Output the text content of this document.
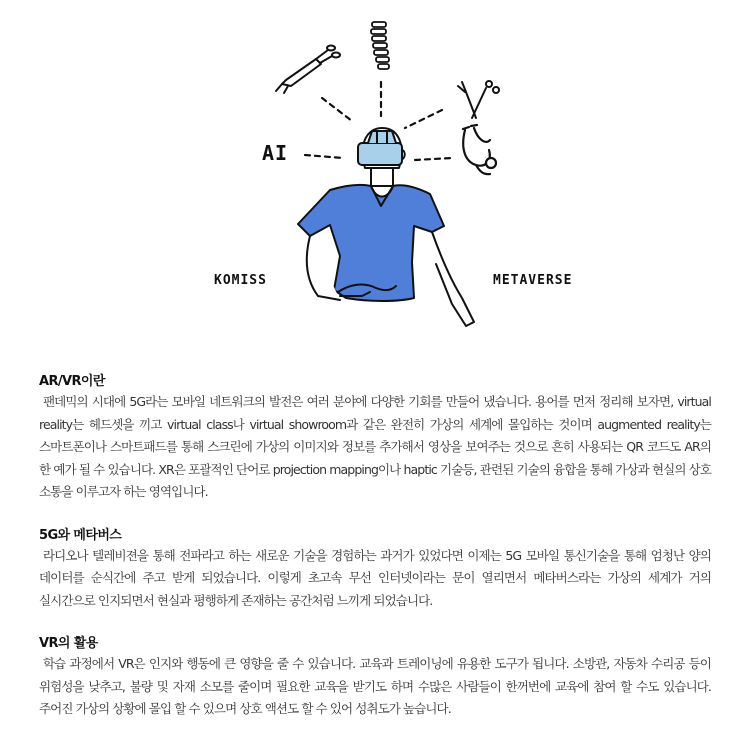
AI
KOMISS	METAVERSE
AR/VR이란

팬데믹의 시대에 5G라는 모바일 네트워크의 발전은 여러 분야에 다양한 기회를 만들어 냈습니다. 용어를 먼저 정리해 보자면, virtual reality는 헤드셋을 끼고 virtual class나 virtual showroom과 같은 완전히 가상의 세계에 몰입하는 것이며 augmented reality는 스마트폰이나 스마트패드를 통해 스크린에 가상의 이미지와 정보를 추가해서 영상을 보여주는 것으로 흔히 사용되는 QR 코드도 AR의 한 예가 될 수 있습니다. XR은 포괄적인 단어로 projection mapping이나 haptic 기술등, 관련된 기술의 융합을 통해 가상과 현실의 상호 소통을 이루고자 하는 영역입니다.

5G와 메타버스

라디오나 텔레비젼을 통해 전파라고 하는 새로운 기술을 경험하는 과거가 있었다면 이제는 5G 모바일 통신기술을 통해 엄청난 양의 데이터를 순식간에 주고 받게 되었습니다. 이렇게 초고속 무선 인터넷이라는 문이 열리면서 메타버스라는 가상의 세계가 거의 실시간으로 인지되면서 현실과 평행하게 존재하는 공간처럼 느끼게 되었습니다.

VR의 활용

학습 과정에서 VR은 인지와 행동에 큰 영향을 줄 수 있습니다. 교육과 트레이닝에 유용한 도구가 됩니다. 소방관, 자동차 수리공 등이 위험성을 낮추고, 불량 및 자재 소모를 줄이며 필요한 교육을 받기도 하며 수많은 사람들이 한꺼번에 교육에 참여 할 수도 있습니다. 주어진 가상의 상황에 몰입 할 수 있으며 상호 액션도 할 수 있어 성취도가 높습니다.
